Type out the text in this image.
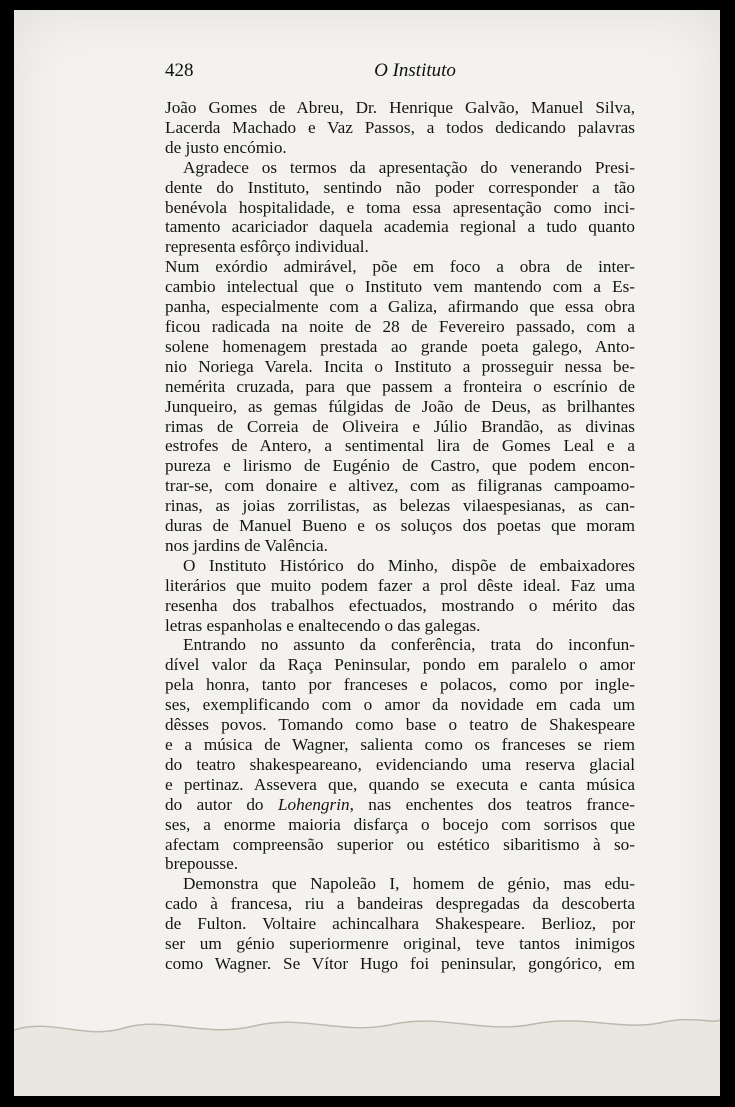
428	O Instituto

João Gomes de Abreu, Dr. Henrique Galvão, Manuel Silva,
Lacerda Machado e Vaz Passos, a todos dedicando palavras
de justo encómio.

Agradece os termos da apresentação do venerando Presi-
dente do Instituto, sentindo não poder corresponder a tão
benévola hospitalidade, e toma essa apresentação como inci-
tamento acariciador daquela academia regional a tudo quanto
representa esfôrço individual.

Num exórdio admirável, põe em foco a obra de inter-
cambio intelectual que o Instituto vem mantendo com a Es-
panha, especialmente com a Galiza, afirmando que essa obra
ficou radicada na noite de 28 de Fevereiro passado, com a
solene homenagem prestada ao grande poeta galego, Anto-
nio Noriega Varela. Incita o Instituto a prosseguir nessa be-
nemérita cruzada, para que passem a fronteira o escrínio de
Junqueiro, as gemas fúlgidas de João de Deus, as brilhantes
rimas de Correia de Oliveira e Júlio Brandão, as divinas
estrofes de Antero, a sentimental lira de Gomes Leal e a
pureza e lirismo de Eugénio de Castro, que podem encon-
trar-se, com donaire e altivez, com as filigranas campoamo-
rinas, as joias zorrilistas, as belezas vilaespesianas, as can-
duras de Manuel Bueno e os soluços dos poetas que moram
nos jardins de Valência.

O Instituto Histórico do Minho, dispõe de embaixadores
literários que muito podem fazer a prol dêste ideal. Faz uma
resenha dos trabalhos efectuados, mostrando o mérito das
letras espanholas e enaltecendo o das galegas.

Entrando no assunto da conferência, trata do inconfun-
dível valor da Raça Peninsular, pondo em paralelo o amor
pela honra, tanto por franceses e polacos, como por ingle-
ses, exemplificando com o amor da novidade em cada um
dêsses povos. Tomando como base o teatro de Shakespeare
e a música de Wagner, salienta como os franceses se riem
do teatro shakespeareano, evidenciando uma reserva glacial
e pertinaz. Assevera que, quando se executa e canta música
do autor do Lohengrin, nas enchentes dos teatros france-
ses, a enorme maioria disfarça o bocejo com sorrisos que
afectam compreensão superior ou estético sibaritismo à so-
brepousse.

Demonstra que Napoleão I, homem de génio, mas edu-
cado à francesa, riu a bandeiras despregadas da descoberta
de Fulton. Voltaire achincalhara Shakespeare. Berlioz, por
ser um génio superiormenre original, teve tantos inimigos
como Wagner. Se Vítor Hugo foi peninsular, gongórico, em
